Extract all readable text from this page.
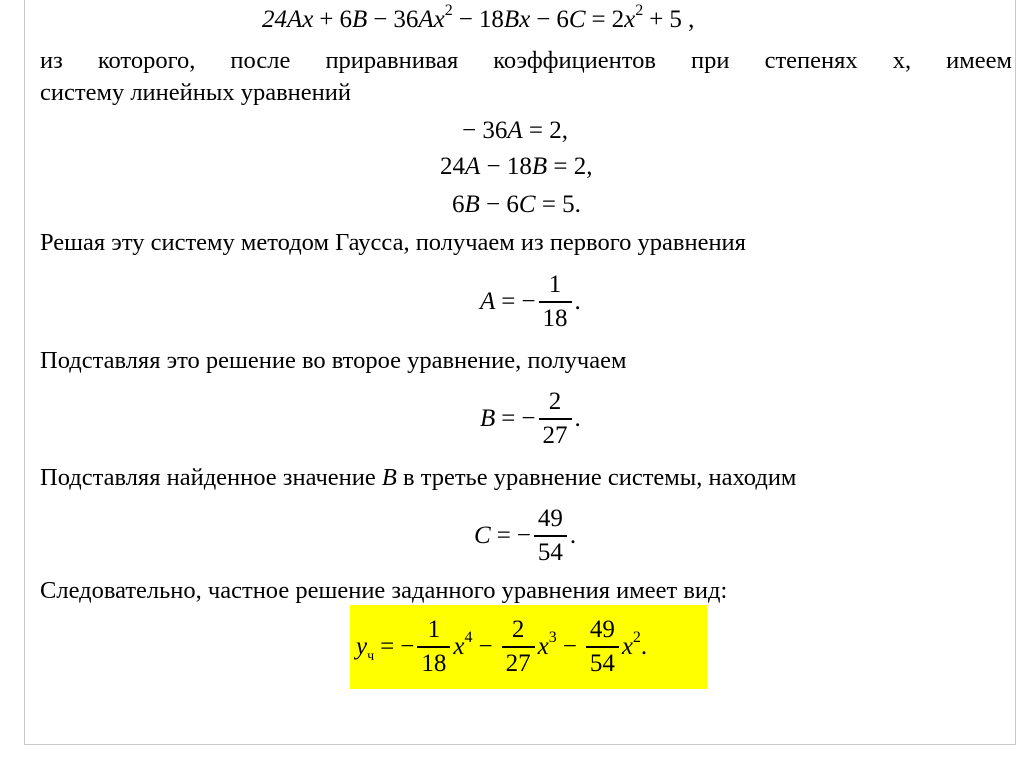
$24Ax + 6B - 36Ax^2 - 18Bx - 6C = 2x^2 + 5$ ,
из которого, после приравнивая коэффициентов при степенях x, имеем
систему линейных уравнений
− 36A = 2,
24A − 18B = 2,
6B − 6C = 5.
Решая эту систему методом Гаусса, получаем из первого уравнения
A = − $\frac{1}{18}$ .
Подставляя это решение во второе уравнение, получаем
B = − $\frac{2}{27}$ .
Подставляя найденное значение B в третье уравнение системы, находим
C = − $\frac{49}{54}$ .
Следовательно, частное решение заданного уравнения имеет вид:
$y_ч$ = − $\frac{1}{18} x^4 - \frac{2}{27} x^3 - \frac{49}{54} x^2$ .
